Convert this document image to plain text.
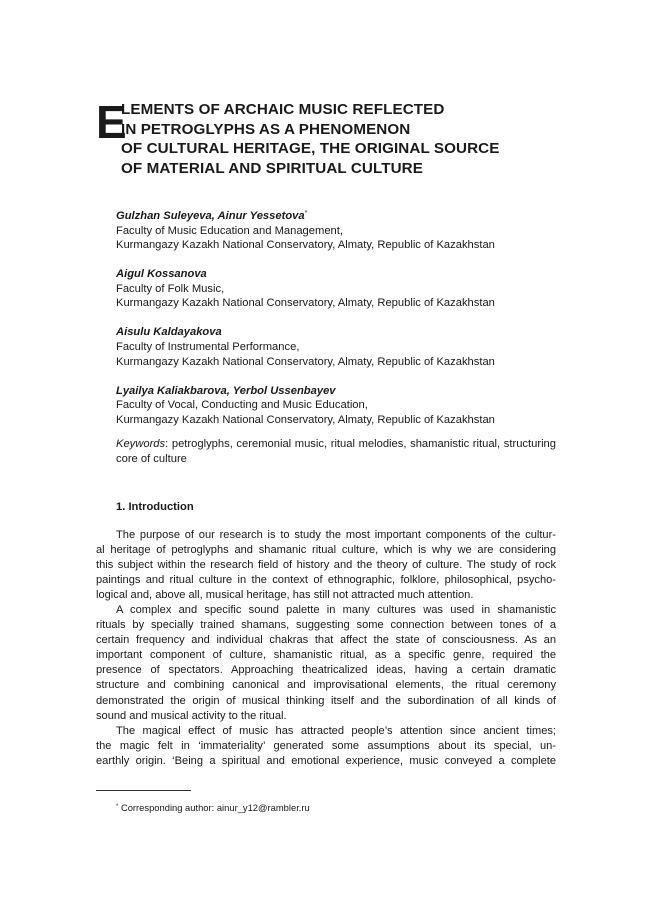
E
LEMENTS OF ARCHAIC MUSIC REFLECTED
IN PETROGLYPHS AS A PHENOMENON
OF CULTURAL HERITAGE, THE ORIGINAL SOURCE
OF MATERIAL AND SPIRITUAL CULTURE
Gulzhan Suleyeva, Ainur Yessetova*
Faculty of Music Education and Management,
Kurmangazy Kazakh National Conservatory, Almaty, Republic of Kazakhstan
Aigul Kossanova
Faculty of Folk Music,
Kurmangazy Kazakh National Conservatory, Almaty, Republic of Kazakhstan
Aisulu Kaldayakova
Faculty of Instrumental Performance,
Kurmangazy Kazakh National Conservatory, Almaty, Republic of Kazakhstan
Lyailya Kaliakbarova, Yerbol Ussenbayev
Faculty of Vocal, Conducting and Music Education,
Kurmangazy Kazakh National Conservatory, Almaty, Republic of Kazakhstan
Keywords: petroglyphs, ceremonial music, ritual melodies, shamanistic ritual, structuring core of culture
1. Introduction

The purpose of our research is to study the most important components of the cultur-
al heritage of petroglyphs and shamanic ritual culture, which is why we are considering
this subject within the research field of history and the theory of culture. The study of rock
paintings and ritual culture in the context of ethnographic, folklore, philosophical, psycho-
logical and, above all, musical heritage, has still not attracted much attention.

A complex and specific sound palette in many cultures was used in shamanistic
rituals by specially trained shamans, suggesting some connection between tones of a
certain frequency and individual chakras that affect the state of consciousness. As an
important component of culture, shamanistic ritual, as a specific genre, required the
presence of spectators. Approaching theatricalized ideas, having a certain dramatic
structure and combining canonical and improvisational elements, the ritual ceremony
demonstrated the origin of musical thinking itself and the subordination of all kinds of
sound and musical activity to the ritual.

The magical effect of music has attracted people’s attention since ancient times;
the magic felt in ‘immateriality’ generated some assumptions about its special, un-
earthly origin. ‘Being a spiritual and emotional experience, music conveyed a complete

* Corresponding author: ainur_y12@rambler.ru
